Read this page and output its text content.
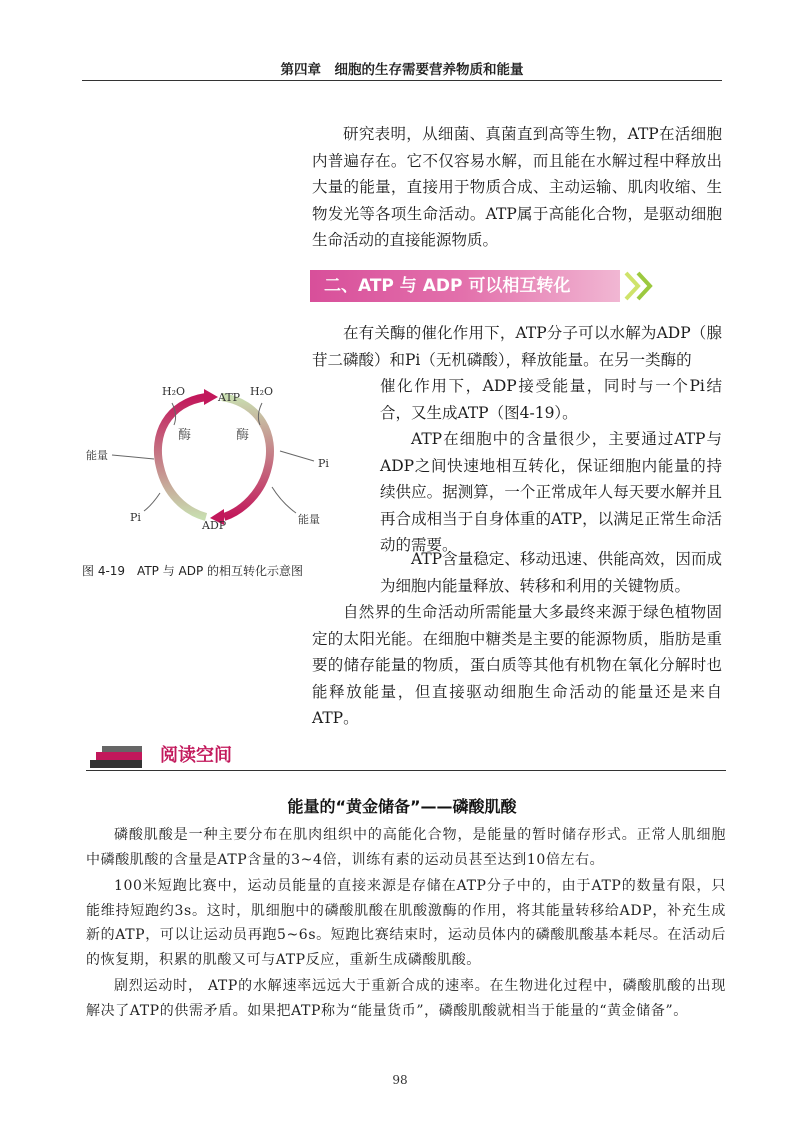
第四章　细胞的生存需要营养物质和能量

研究表明，从细菌、真菌直到高等生物，ATP在活细胞内普遍存在。它不仅容易水解，而且能在水解过程中释放出大量的能量，直接用于物质合成、主动运输、肌肉收缩、生物发光等各项生命活动。ATP属于高能化合物，是驱动细胞生命活动的直接能源物质。

二、ATP 与 ADP 可以相互转化

在有关酶的催化作用下，ATP分子可以水解为ADP（腺苷二磷酸）和Pi（无机磷酸），释放能量。在另一类酶的

催化作用下，ADP接受能量，同时与一个Pi结合，又生成ATP（图4-19）。

ATP在细胞中的含量很少，主要通过ATP与ADP之间快速地相互转化，保证细胞内能量的持续供应。据测算，一个正常成年人每天要水解并且再合成相当于自身体重的ATP，以满足正常生命活动的需要。

ATP含量稳定、移动迅速、供能高效，因而成为细胞内能量释放、转移和利用的关键物质。

自然界的生命活动所需能量大多最终来源于绿色植物固定的太阳光能。在细胞中糖类是主要的能源物质，脂肪是重要的储存能量的物质，蛋白质等其他有机物在氧化分解时也能释放能量，但直接驱动细胞生命活动的能量还是来自ATP。

H₂O	ATP H₂O
酶	酶
能量
Pi
Pi
ADP	能量
图 4-19　ATP 与 ADP 的相互转化示意图
阅读空间
能量的“黄金储备”——磷酸肌酸

磷酸肌酸是一种主要分布在肌肉组织中的高能化合物，是能量的暂时储存形式。正常人肌细胞中磷酸肌酸的含量是ATP含量的3~4倍，训练有素的运动员甚至达到10倍左右。

100米短跑比赛中，运动员能量的直接来源是存储在ATP分子中的，由于ATP的数量有限，只能维持短跑约3s。这时，肌细胞中的磷酸肌酸在肌酸激酶的作用，将其能量转移给ADP，补充生成新的ATP，可以让运动员再跑5~6s。短跑比赛结束时，运动员体内的磷酸肌酸基本耗尽。在活动后的恢复期，积累的肌酸又可与ATP反应，重新生成磷酸肌酸。

剧烈运动时， ATP的水解速率远远大于重新合成的速率。在生物进化过程中，磷酸肌酸的出现解决了ATP的供需矛盾。如果把ATP称为“能量货币”，磷酸肌酸就相当于能量的“黄金储备”。

98
